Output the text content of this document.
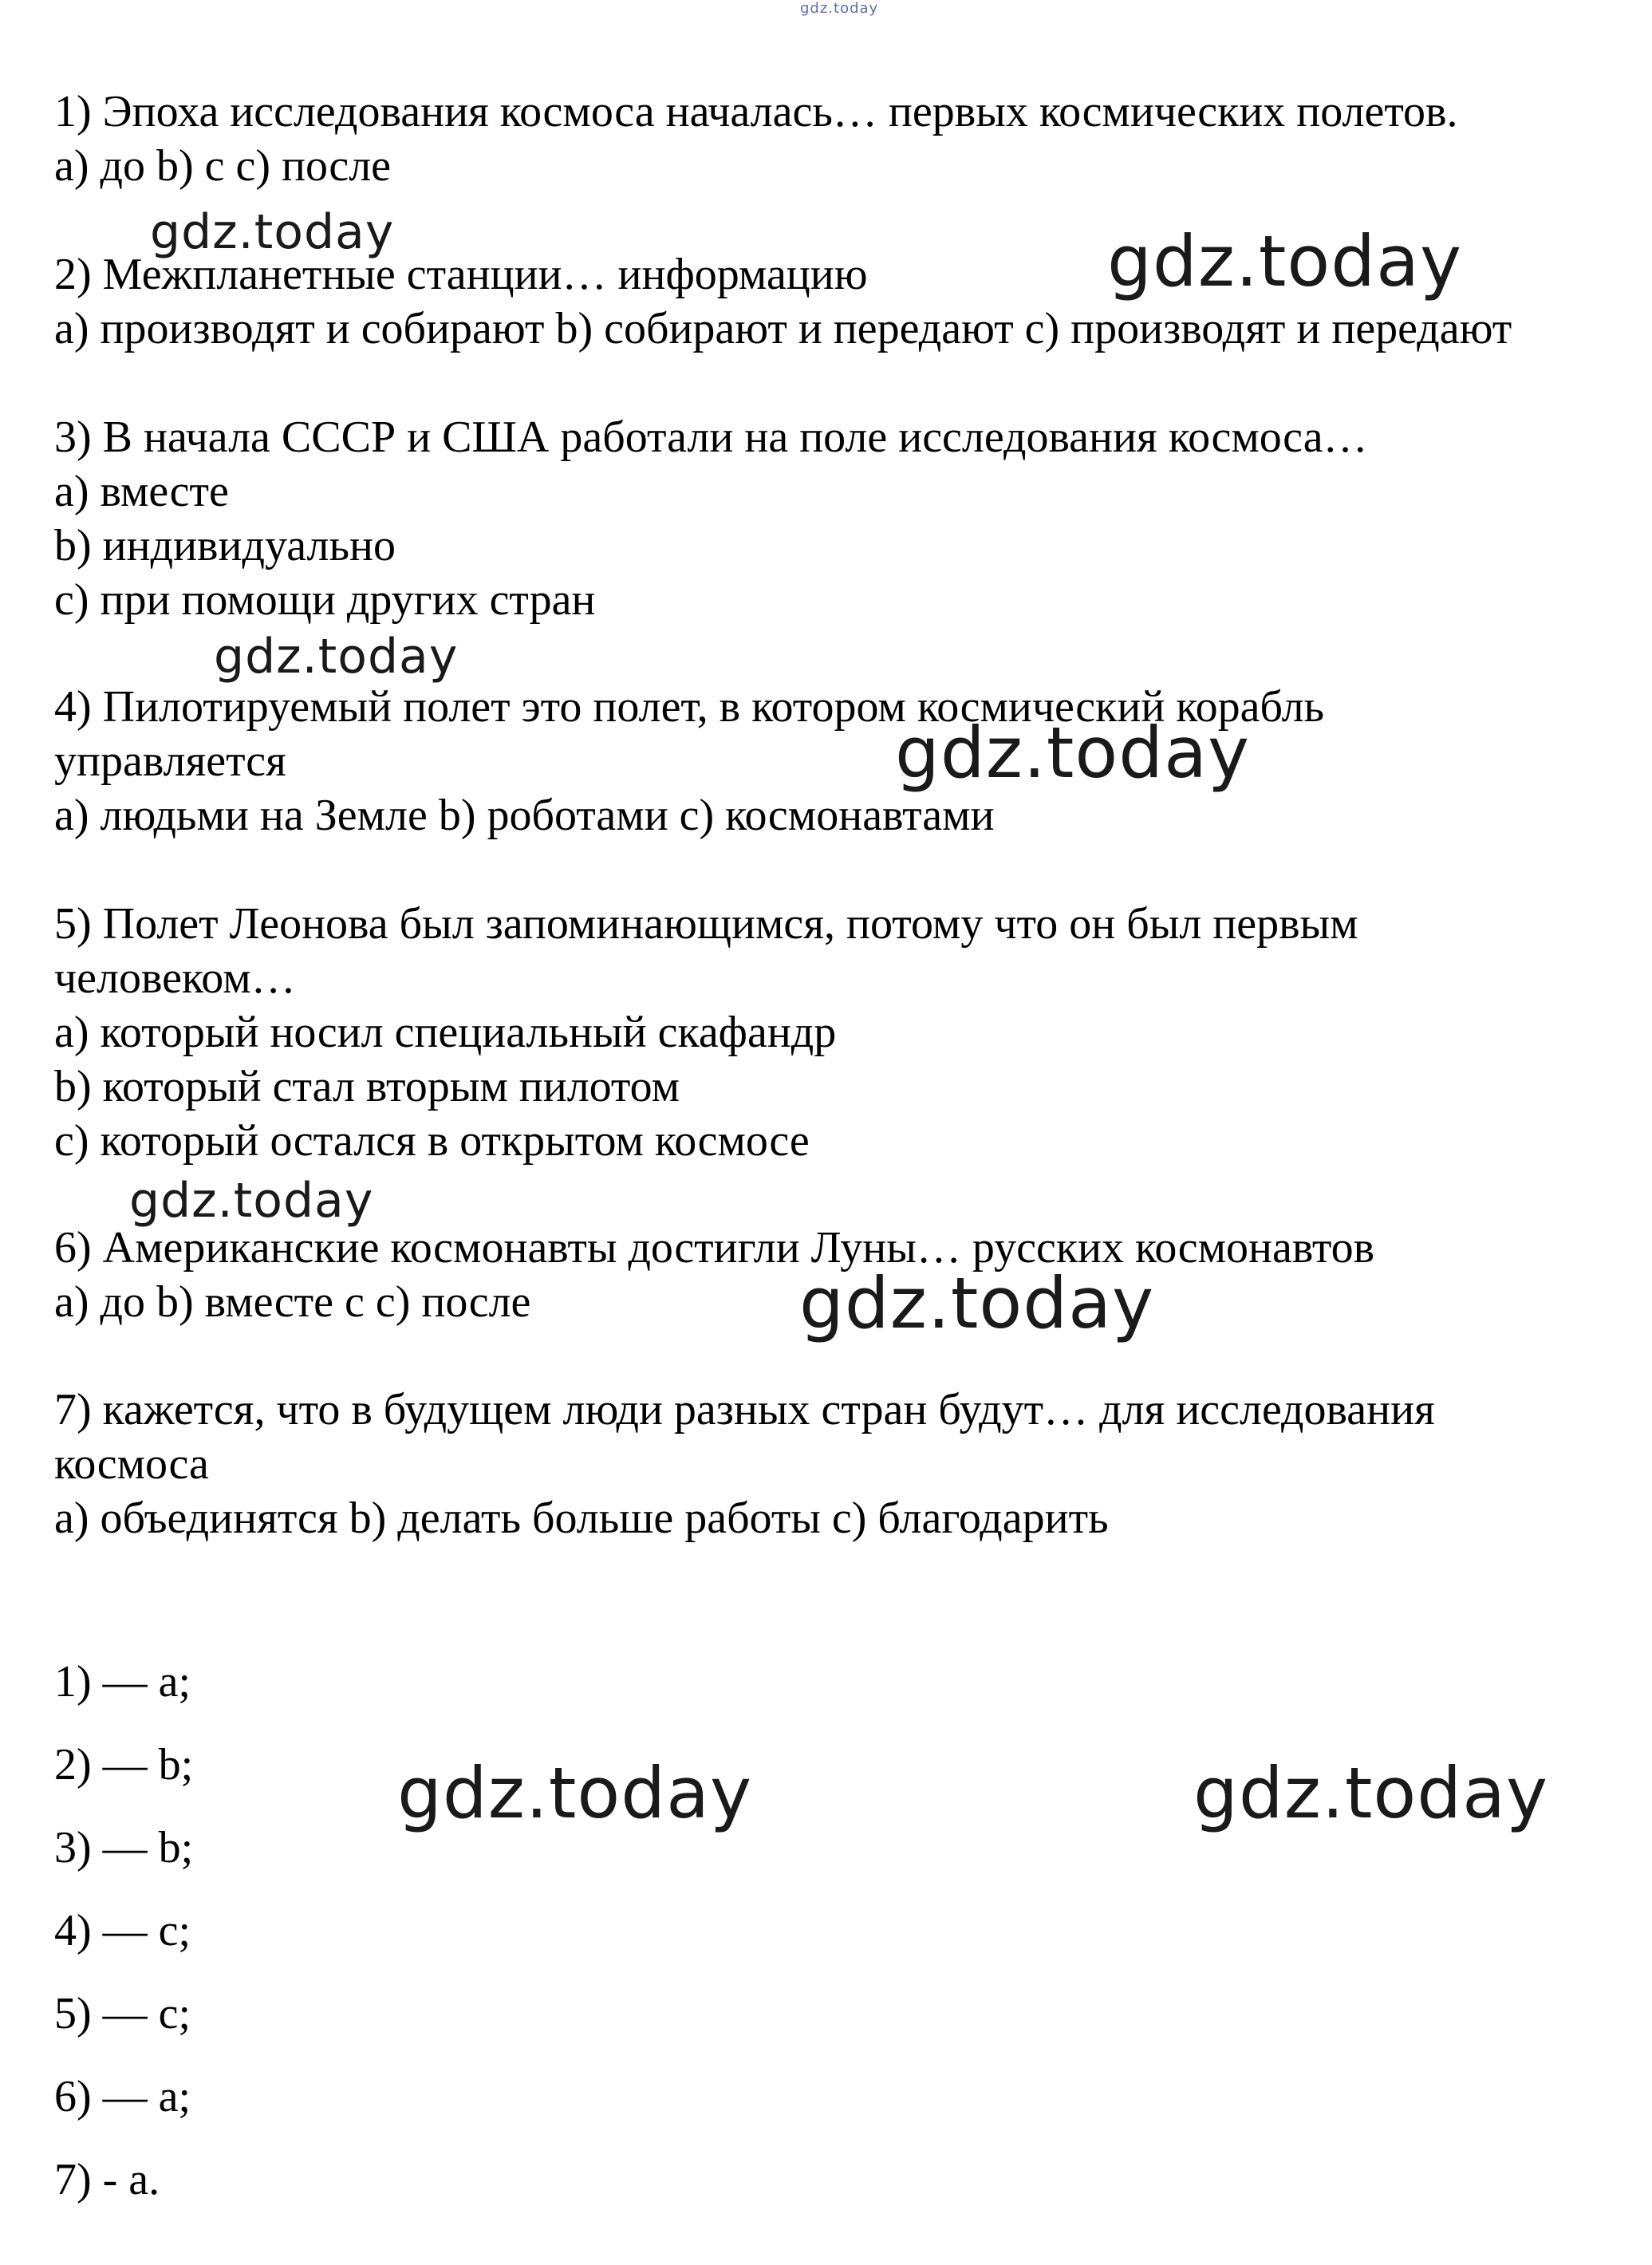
1) Эпоха исследования космоса началась… первых космических полетов.
a) до b) с c) после
2) Межпланетные станции… информацию
a) производят и собирают b) собирают и передают c) производят и передают
3) В начала СССР и США работали на поле исследования космоса…
a) вместе
b) индивидуально
c) при помощи других стран
4) Пилотируемый полет это полет, в котором космический корабль
управляется
a) людьми на Земле b) роботами c) космонавтами
5) Полет Леонова был запоминающимся, потому что он был первым
человеком…
a) который носил специальный скафандр
b) который стал вторым пилотом
c) который остался в открытом космосе
6) Американские космонавты достигли Луны… русских космонавтов
a) до b) вместе с c) после
7) кажется, что в будущем люди разных стран будут… для исследования
космоса
a) объединятся b) делать больше работы c) благодарить
1) — a;
2) — b;
3) — b;
4) — c;
5) — c;
6) — a;
7) - a.
gdz.today
gdz.today	gdz.today
gdz.today
gdz.today
gdz.today
gdz.today
gdz.today	gdz.today
